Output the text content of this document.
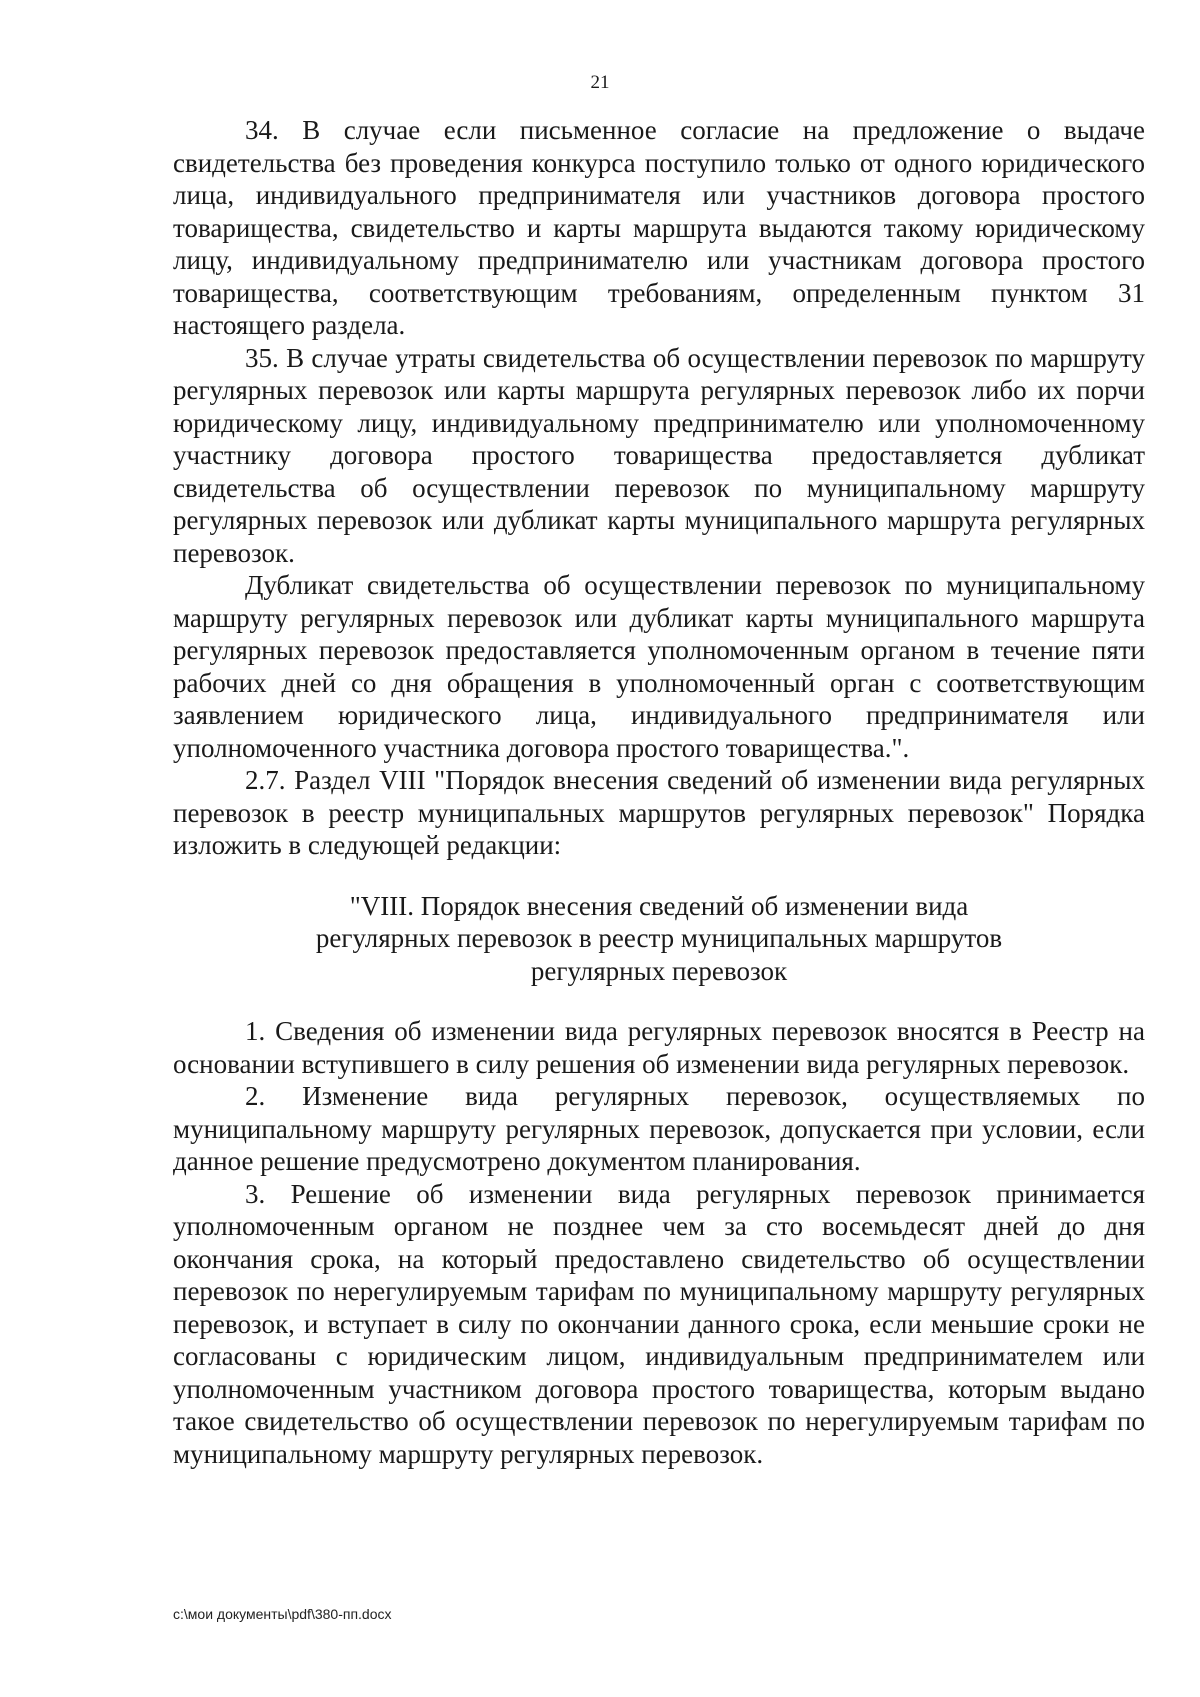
21

34. В случае если письменное согласие на предложение о выдаче свидетельства без проведения конкурса поступило только от одного юридического лица, индивидуального предпринимателя или участников договора простого товарищества, свидетельство и карты маршрута выдаются такому юридическому лицу, индивидуальному предпринимателю или участникам договора простого товарищества, соответствующим требованиям, определенным пунктом 31 настоящего раздела.

35. В случае утраты свидетельства об осуществлении перевозок по маршруту регулярных перевозок или карты маршрута регулярных перевозок либо их порчи юридическому лицу, индивидуальному предпринимателю или уполномоченному участнику договора простого товарищества предоставляется дубликат свидетельства об осуществлении перевозок по муниципальному маршруту регулярных перевозок или дубликат карты муниципального маршрута регулярных перевозок.

Дубликат свидетельства об осуществлении перевозок по муниципальному маршруту регулярных перевозок или дубликат карты муниципального маршрута регулярных перевозок предоставляется уполномоченным органом в течение пяти рабочих дней со дня обращения в уполномоченный орган с соответствующим заявлением юридического лица, индивидуального предпринимателя или уполномоченного участника договора простого товарищества.".

2.7. Раздел VIII "Порядок внесения сведений об изменении вида регулярных перевозок в реестр муниципальных маршрутов регулярных перевозок" Порядка изложить в следующей редакции:

"VIII. Порядок внесения сведений об изменении вида
регулярных перевозок в реестр муниципальных маршрутов
регулярных перевозок

1. Сведения об изменении вида регулярных перевозок вносятся в Реестр на основании вступившего в силу решения об изменении вида регулярных перевозок.

2. Изменение вида регулярных перевозок, осуществляемых по муниципальному маршруту регулярных перевозок, допускается при условии, если данное решение предусмотрено документом планирования.

3. Решение об изменении вида регулярных перевозок принимается уполномоченным органом не позднее чем за сто восемьдесят дней до дня окончания срока, на который предоставлено свидетельство об осуществлении перевозок по нерегулируемым тарифам по муниципальному маршруту регулярных перевозок, и вступает в силу по окончании данного срока, если меньшие сроки не согласованы с юридическим лицом, индивидуальным предпринимателем или уполномоченным участником договора простого товарищества, которым выдано такое свидетельство об осуществлении перевозок по нерегулируемым тарифам по муниципальному маршруту регулярных перевозок.

c:\мои документы\pdf\380-пп.docx
